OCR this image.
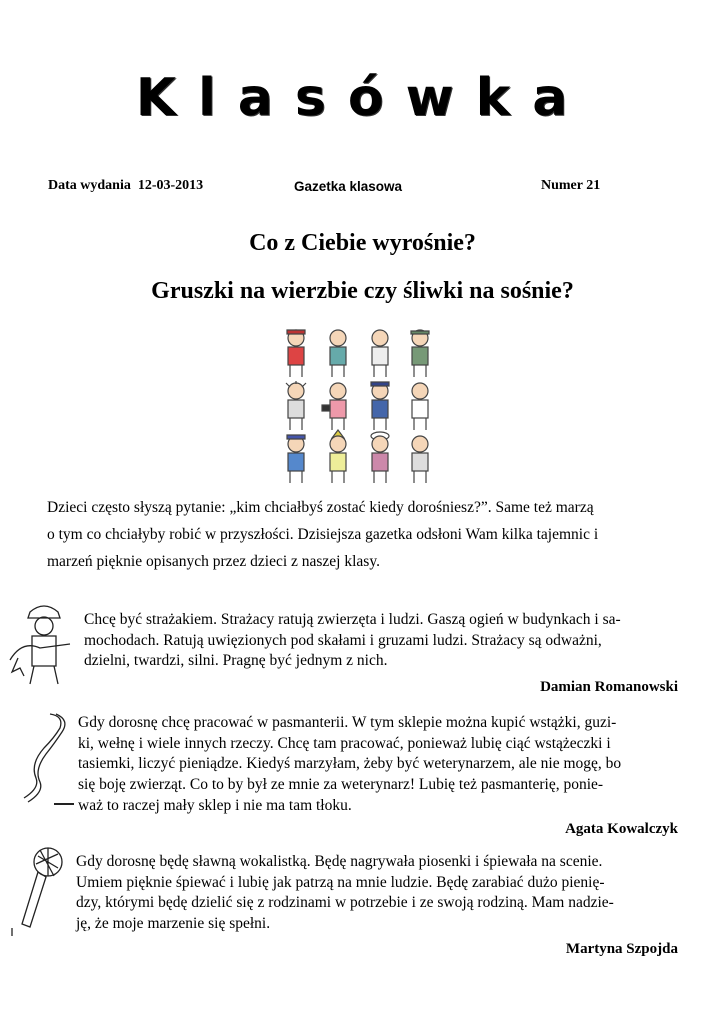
Klasówka
Data wydania  12-03-2013	Gazetka klasowa	Numer 21
Co z Ciebie wyrośnie?
Gruszki na wierzbie czy śliwki na sośnie?
Dzieci często słyszą pytanie: „kim chciałbyś zostać kiedy dorośniesz?”. Same też marzą
o tym co chciałyby robić w przyszłości. Dzisiejsza gazetka odsłoni Wam kilka tajemnic i
marzeń pięknie opisanych przez dzieci z naszej klasy.
Chcę być strażakiem. Strażacy ratują zwierzęta i ludzi. Gaszą ogień w budynkach i sa-
mochodach. Ratują uwięzionych pod skałami i gruzami ludzi. Strażacy są odważni,
dzielni, twardzi, silni. Pragnę być jednym z nich.
Damian Romanowski
Gdy dorosnę chcę pracować w pasmanterii. W tym sklepie można kupić wstążki, guzi-
ki, wełnę i wiele innych rzeczy. Chcę tam pracować, ponieważ lubię ciąć wstążeczki i
tasiemki, liczyć pieniądze. Kiedyś marzyłam, żeby być weterynarzem, ale nie mogę, bo
się boję zwierząt. Co to by był ze mnie za weterynarz! Lubię też pasmanterię, ponie-
waż to raczej mały sklep i nie ma tam tłoku.
Agata Kowalczyk
Gdy dorosnę będę sławną wokalistką. Będę nagrywała piosenki i śpiewała na scenie.
Umiem pięknie śpiewać i lubię jak patrzą na mnie ludzie. Będę zarabiać dużo pienię-
dzy, którymi będę dzielić się z rodzinami w potrzebie i ze swoją rodziną. Mam nadzie-
ję, że moje marzenie się spełni.
Martyna Szpojda
